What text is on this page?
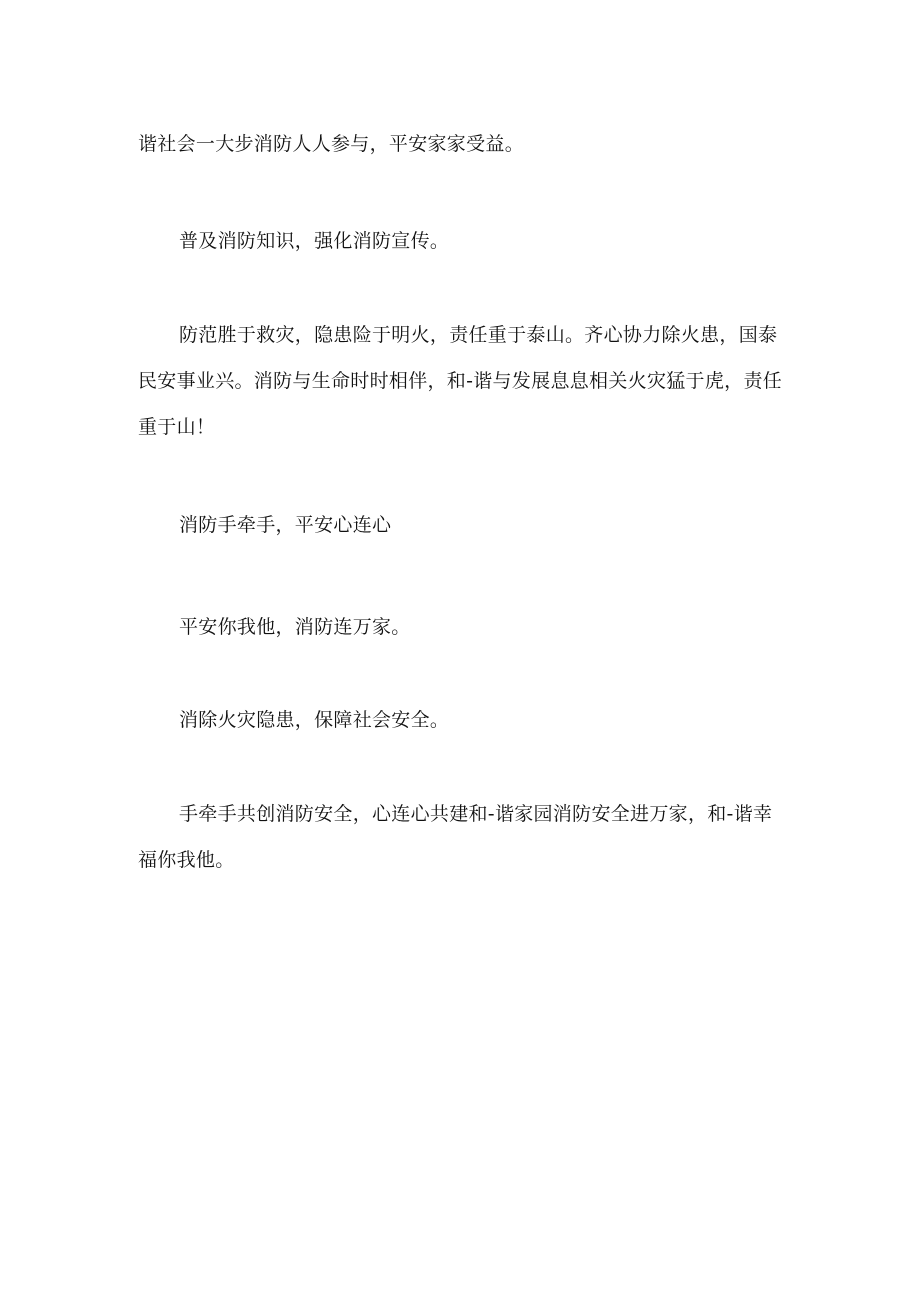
谐社会一大步消防人人参与，平安家家受益。

普及消防知识，强化消防宣传。

防范胜于救灾，隐患险于明火，责任重于泰山。齐心协力除火患，国泰民安事业兴。消防与生命时时相伴，和-谐与发展息息相关火灾猛于虎，责任重于山！

消防手牵手，平安心连心

平安你我他，消防连万家。

消除火灾隐患，保障社会安全。

手牵手共创消防安全，心连心共建和-谐家园消防安全进万家，和-谐幸福你我他。
